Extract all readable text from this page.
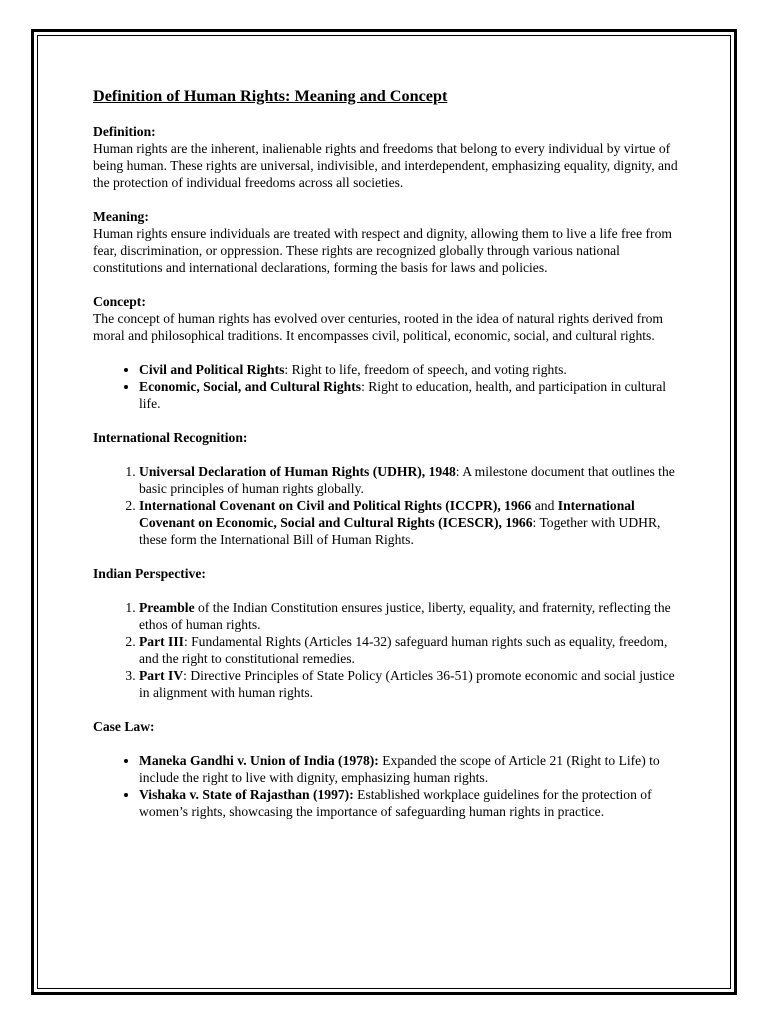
Definition of Human Rights: Meaning and Concept
Definition:

Human rights are the inherent, inalienable rights and freedoms that belong to every individual by virtue of being human. These rights are universal, indivisible, and interdependent, emphasizing equality, dignity, and the protection of individual freedoms across all societies.

Meaning:

Human rights ensure individuals are treated with respect and dignity, allowing them to live a life free from fear, discrimination, or oppression. These rights are recognized globally through various national constitutions and international declarations, forming the basis for laws and policies.

Concept:

The concept of human rights has evolved over centuries, rooted in the idea of natural rights derived from moral and philosophical traditions. It encompasses civil, political, economic, social, and cultural rights.

• Civil and Political Rights: Right to life, freedom of speech, and voting rights.
• Economic, Social, and Cultural Rights: Right to education, health, and participation in cultural life.
International Recognition:
1. Universal Declaration of Human Rights (UDHR), 1948: A milestone document that outlines the basic principles of human rights globally.
2. International Covenant on Civil and Political Rights (ICCPR), 1966 and International Covenant on Economic, Social and Cultural Rights (ICESCR), 1966: Together with UDHR, these form the International Bill of Human Rights.
Indian Perspective:
1. Preamble of the Indian Constitution ensures justice, liberty, equality, and fraternity, reflecting the ethos of human rights.
2. Part III: Fundamental Rights (Articles 14-32) safeguard human rights such as equality, freedom, and the right to constitutional remedies.
3. Part IV: Directive Principles of State Policy (Articles 36-51) promote economic and social justice in alignment with human rights.
Case Law:
• Maneka Gandhi v. Union of India (1978): Expanded the scope of Article 21 (Right to Life) to include the right to live with dignity, emphasizing human rights.
• Vishaka v. State of Rajasthan (1997): Established workplace guidelines for the protection of women’s rights, showcasing the importance of safeguarding human rights in practice.
